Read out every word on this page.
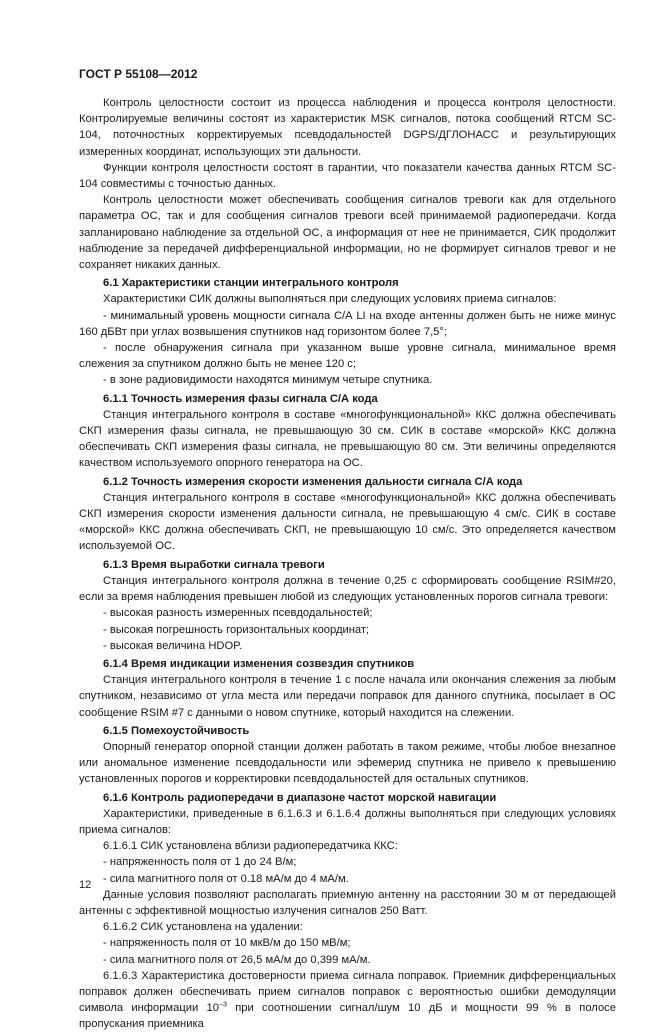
ГОСТ Р 55108—2012
Контроль целостности состоит из процесса наблюдения и процесса контроля целостности. Контролируемые величины состоят из характеристик MSK сигналов, потока сообщений RTCM SC-104, поточностных корректируемых псевдодальностей DGPS/ДГЛОНАСС и результирующих измеренных координат, использующих эти дальности.
Функции контроля целостности состоят в гарантии, что показатели качества данных RTCM SC-104 совместимы с точностью данных.
Контроль целостности может обеспечивать сообщения сигналов тревоги как для отдельного параметра ОС, так и для сообщения сигналов тревоги всей принимаемой радиопередачи. Когда запланировано наблюдение за отдельной ОС, а информация от нее не принимается, СИК продолжит наблюдение за передачей дифференциальной информации, но не формирует сигналов тревог и не сохраняет никаких данных.
6.1 Характеристики станции интегрального контроля
Характеристики СИК должны выполняться при следующих условиях приема сигналов:
- минимальный уровень мощности сигнала С/А LI на входе антенны должен быть не ниже минус 160 дБВт при углах возвышения спутников над горизонтом более 7,5°;
- после обнаружения сигнала при указанном выше уровне сигнала, минимальное время слежения за спутником должно быть не менее 120 с;
- в зоне радиовидимости находятся минимум четыре спутника.
6.1.1 Точность измерения фазы сигнала С/А кода
Станция интегрального контроля в составе «многофункциональной» ККС должна обеспечивать СКП измерения фазы сигнала, не превышающую 30 см. СИК в составе «морской» ККС должна обеспечивать СКП измерения фазы сигнала, не превышающую 80 см. Эти величины определяются качеством используемого опорного генератора на ОС.
6.1.2 Точность измерения скорости изменения дальности сигнала С/А кода
Станция интегрального контроля в составе «многофункциональной» ККС должна обеспечивать СКП измерения скорости изменения дальности сигнала, не превышающую 4 см/с. СИК в составе «морской» ККС должна обеспечивать СКП, не превышающую 10 см/с. Это определяется качеством используемой ОС.
6.1.3 Время выработки сигнала тревоги
Станция интегрального контроля должна в течение 0,25 с сформировать сообщение RSIM#20, если за время наблюдения превышен любой из следующих установленных порогов сигнала тревоги:
- высокая разность измеренных псевдодальностей;
- высокая погрешность горизонтальных координат;
- высокая величина HDOP.
6.1.4 Время индикации изменения созвездия спутников
Станция интегрального контроля в течение 1 с после начала или окончания слежения за любым спутником, независимо от угла места или передачи поправок для данного спутника, посылает в ОС сообщение RSIM #7 с данными о новом спутнике, который находится на слежении.
6.1.5 Помехоустойчивость
Опорный генератор опорной станции должен работать в таком режиме, чтобы любое внезапное или аномальное изменение псевдодальности или эфемерид спутника не привело к превышению установленных порогов и корректировки псевдодальностей для остальных спутников.
6.1.6 Контроль радиопередачи в диапазоне частот морской навигации
Характеристики, приведенные в 6.1.6.3 и 6.1.6.4 должны выполняться при следующих условиях приема сигналов:
6.1.6.1 СИК установлена вблизи радиопередатчика ККС:
- напряженность поля от 1 до 24 В/м;
- сила магнитного поля от 0.18 мА/м до 4 мА/м.
Данные условия позволяют располагать приемную антенну на расстоянии 30 м от передающей антенны с эффективной мощностью излучения сигналов 250 Ватт.
6.1.6.2 СИК установлена на удалении:
- напряженность поля от 10 мкВ/м до 150 мВ/м;
- сила магнитного поля от 26,5 мА/м до 0,399 мА/м.
6.1.6.3 Характеристика достоверности приема сигнала поправок. Приемник дифференциальных поправок должен обеспечивать прием сигналов поправок с вероятностью ошибки демодуляции символа информации $10^{-3}$ при соотношении сигнал/шум 10 дБ и мощности 99 % в полосе пропускания приемника
12
